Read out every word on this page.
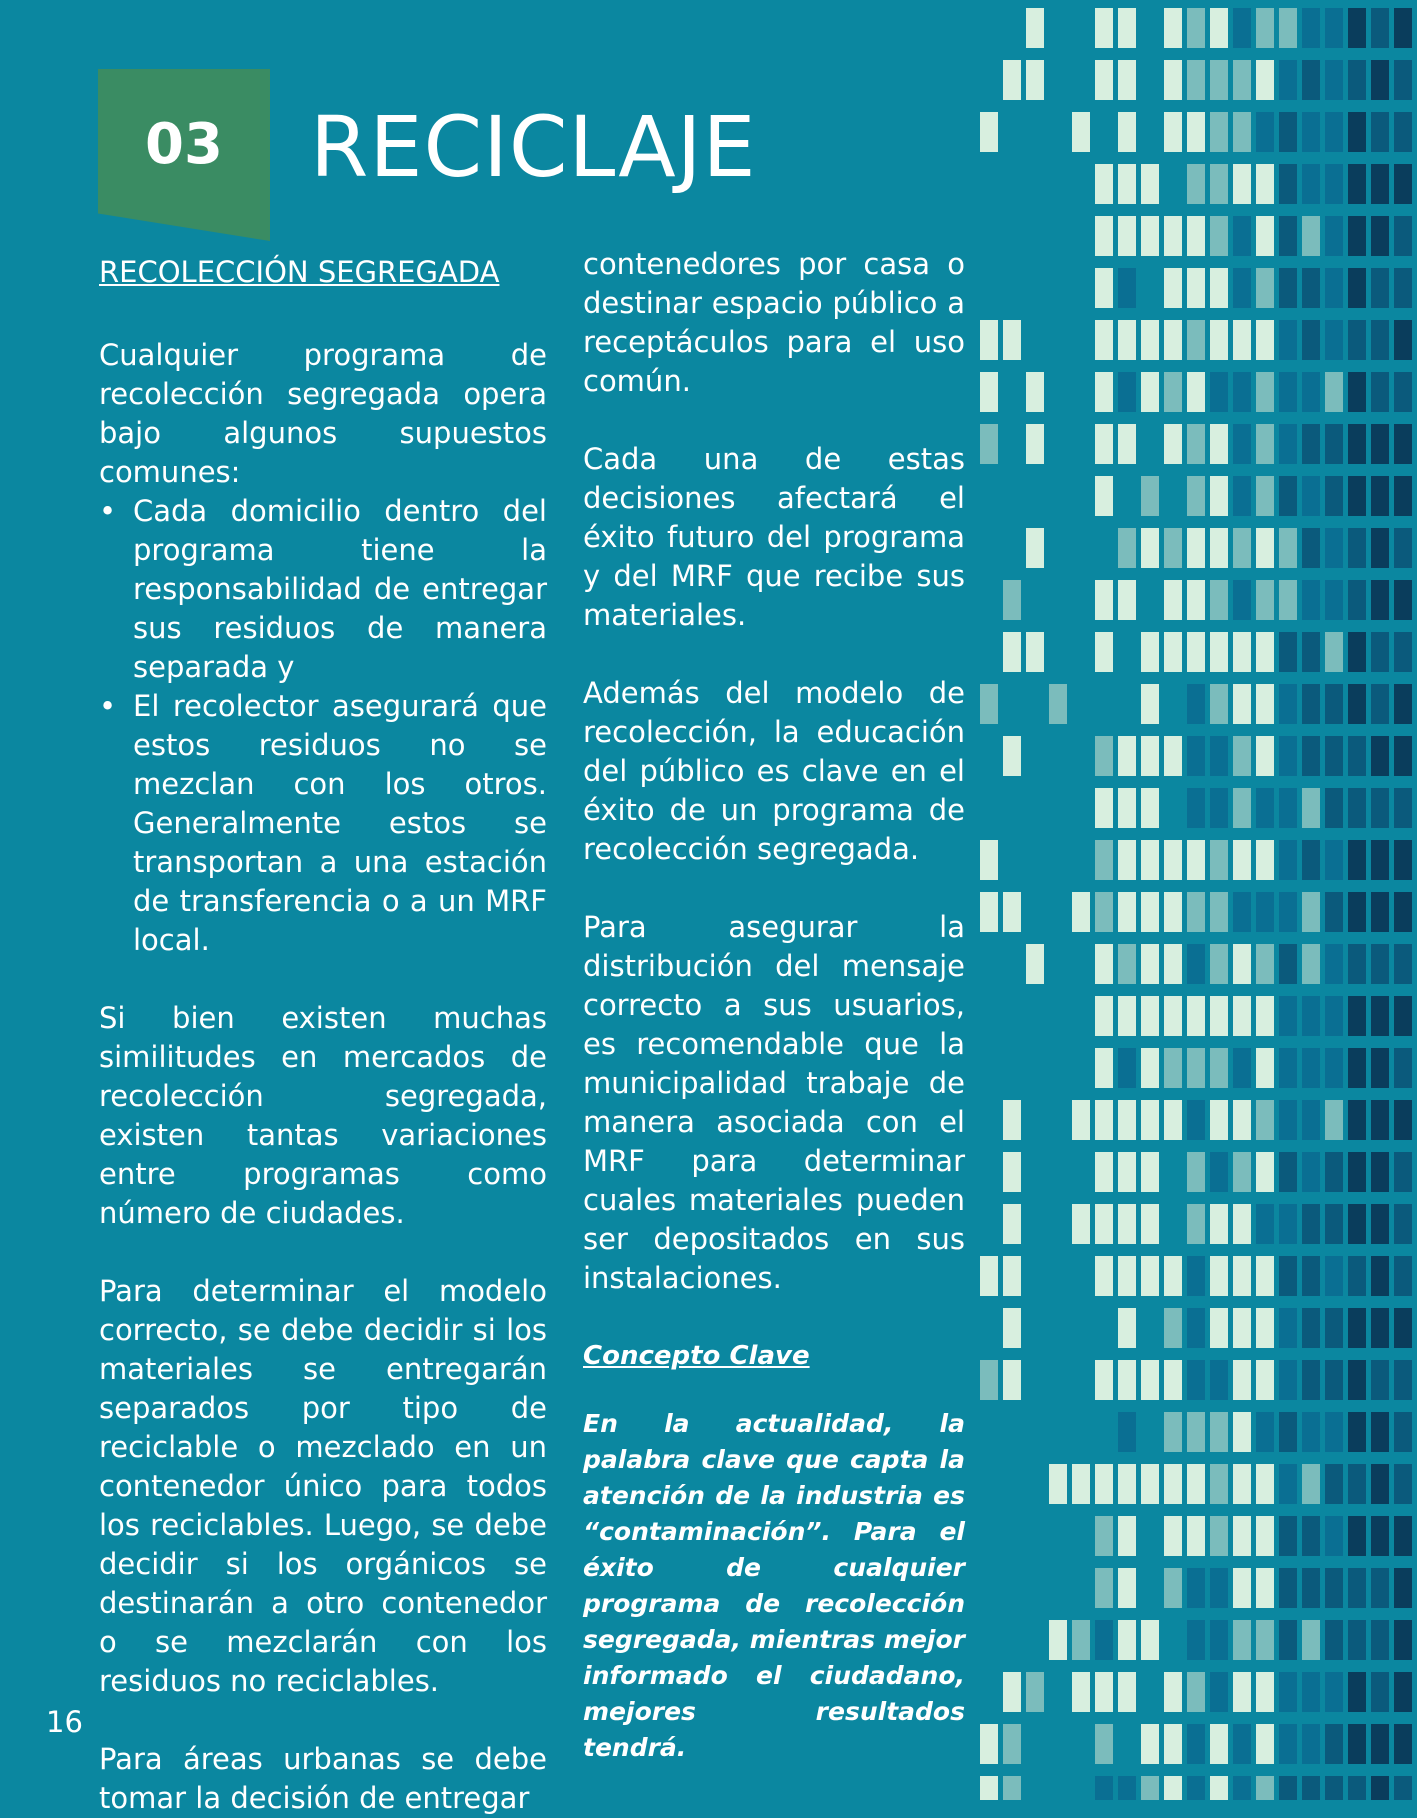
03	RECICLAJE
RECOLECCIÓN SEGREGADA

Cualquier programa de recolección segregada opera bajo algunos supuestos comunes:

• Cada domicilio dentro del programa tiene la responsabilidad de entregar sus residuos de manera separada y
• El recolector asegurará que estos residuos no se mezclan con los otros. Generalmente estos se transportan a una estación de transferencia o a un MRF local.

Si bien existen muchas similitudes en mercados de recolección segregada, existen tantas variaciones entre programas como número de ciudades.

Para determinar el modelo correcto, se debe decidir si los materiales se entregarán separados por tipo de reciclable o mezclado en un contenedor único para todos los reciclables. Luego, se debe decidir si los orgánicos se destinarán a otro contenedor o se mezclarán con los residuos no reciclables.

Para áreas urbanas se debe tomar la decisión de entregar

contenedores por casa o destinar espacio público a receptáculos para el uso común.

Cada una de estas decisiones afectará el éxito futuro del programa y del MRF que recibe sus materiales.

Además del modelo de recolección, la educación del público es clave en el éxito de un programa de recolección segregada.

Para asegurar la distribución del mensaje correcto a sus usuarios, es recomendable que la municipalidad trabaje de manera asociada con el MRF para determinar cuales materiales pueden ser depositados en sus instalaciones.

Concepto Clave

En la actualidad, la palabra clave que capta la atención de la industria es “contaminación”. Para el éxito de cualquier programa de recolección segregada, mientras mejor informado el ciudadano, mejores resultados tendrá.

16
